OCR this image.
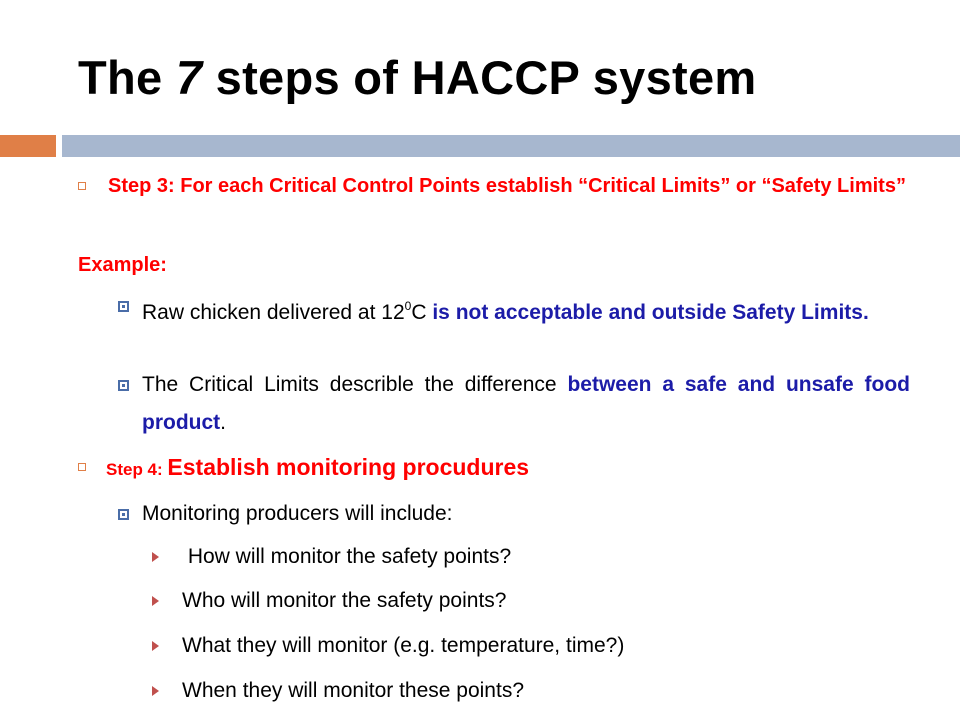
The 7 steps of HACCP system

Step 3: For each Critical Control Points establish “Critical Limits” or “Safety Limits”

Example:

Raw chicken delivered at $12^0C$ is not acceptable and outside Safety Limits.

The Critical Limits describle the difference between a safe and unsafe food product.

Step 4: Establish monitoring procudures

Monitoring producers will include:

How will monitor the safety points?

Who will monitor the safety points?

What they will monitor (e.g. temperature, time?)

When they will monitor these points?
